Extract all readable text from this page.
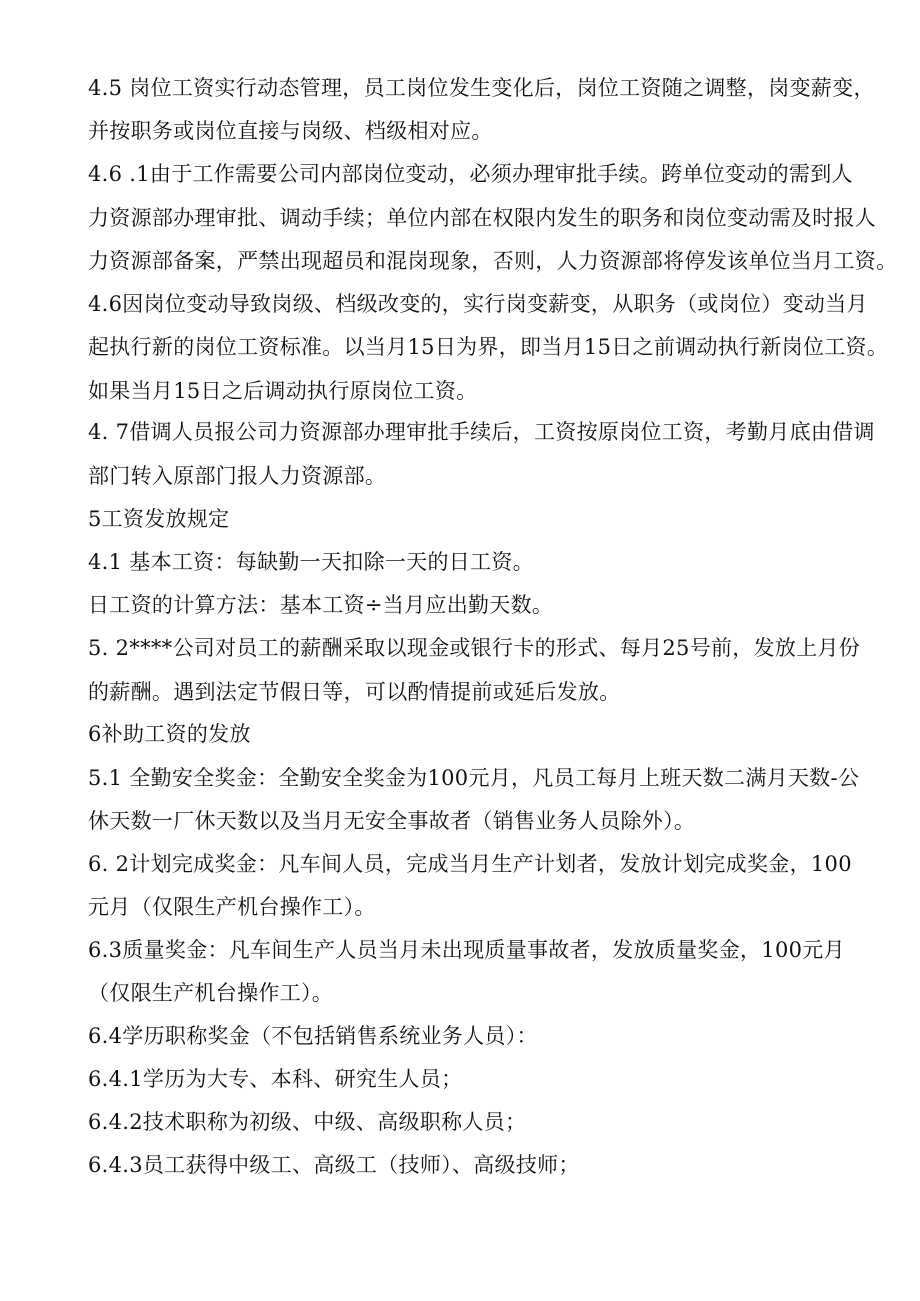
4.5 岗位工资实行动态管理，员工岗位发生变化后，岗位工资随之调整，岗变薪变，
并按职务或岗位直接与岗级、档级相对应。
4.6 .1由于工作需要公司内部岗位变动，必须办理审批手续。跨单位变动的需到人
力资源部办理审批、调动手续；单位内部在权限内发生的职务和岗位变动需及时报人
力资源部备案，严禁出现超员和混岗现象，否则，人力资源部将停发该单位当月工资。
4.6因岗位变动导致岗级、档级改变的，实行岗变薪变，从职务（或岗位）变动当月
起执行新的岗位工资标准。以当月15日为界，即当月15日之前调动执行新岗位工资。
如果当月15日之后调动执行原岗位工资。
4. 7借调人员报公司力资源部办理审批手续后，工资按原岗位工资，考勤月底由借调
部门转入原部门报人力资源部。
5工资发放规定
4.1 基本工资：每缺勤一天扣除一天的日工资。
日工资的计算方法：基本工资÷当月应出勤天数。
5. 2****公司对员工的薪酬采取以现金或银行卡的形式、每月25号前，发放上月份
的薪酬。遇到法定节假日等，可以酌情提前或延后发放。
6补助工资的发放
5.1 全勤安全奖金：全勤安全奖金为100元月，凡员工每月上班天数二满月天数-公
休天数一厂休天数以及当月无安全事故者（销售业务人员除外）。
6. 2计划完成奖金：凡车间人员，完成当月生产计划者，发放计划完成奖金，100
元月（仅限生产机台操作工）。
6.3质量奖金：凡车间生产人员当月未出现质量事故者，发放质量奖金，100元月
（仅限生产机台操作工）。
6.4学历职称奖金（不包括销售系统业务人员）：
6.4.1学历为大专、本科、研究生人员；
6.4.2技术职称为初级、中级、高级职称人员；
6.4.3员工获得中级工、高级工（技师）、高级技师；
